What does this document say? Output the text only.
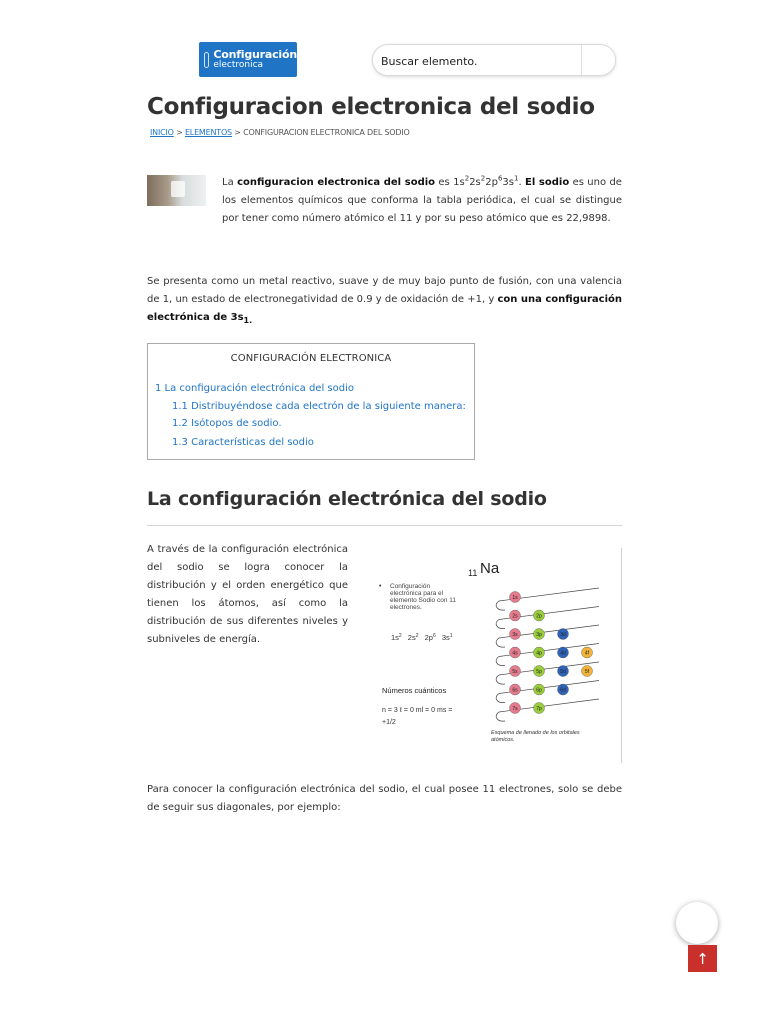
Configuración
electronica
Buscar elemento.
Configuracion electronica del sodio
INICIO > ELEMENTOS > CONFIGURACION ELECTRONICA DEL SODIO

La configuracion electronica del sodio es $1s^22s^22p^63s^1$. El sodio es uno de los elementos químicos que conforma la tabla periódica, el cual se distingue por tener como número atómico el 11 y por su peso atómico que es 22,9898.

Se presenta como un metal reactivo, suave y de muy bajo punto de fusión, con una valencia de 1, un estado de electronegatividad de 0.9 y de oxidación de +1, y con una configuración electrónica de $3s_{1.}$

CONFIGURACIÓN ELECTRONICA
1 La configuración electrónica del sodio
1.1 Distribuyéndose cada electrón de la siguiente manera:
1.2 Isótopos de sodio.
1.3 Características del sodio
La configuración electrónica del sodio

A través de la configuración electrónica del sodio se logra conocer la distribución y el orden energético que tienen los átomos, así como la distribución de sus diferentes niveles y subniveles de energía.

11 Na
• Configuración
electrónica para el
elemento Sodio con 11
electrones.
$1s^2$ $2s^2$ $2p^6$ $3s^1$
Números cuánticos
n = 3 ℓ = 0 ml = 0 ms =
+1/2
Esquema de llenado de los orbitales
atómicos.
1s
2s	2p
3s	3p	3d
4s	4p	4d	4f
5s	5p	5d	5f
6s	6p	6d
7s	7p

Para conocer la configuración electrónica del sodio, el cual posee 11 electrones, solo se debe de seguir sus diagonales, por ejemplo:

↑
